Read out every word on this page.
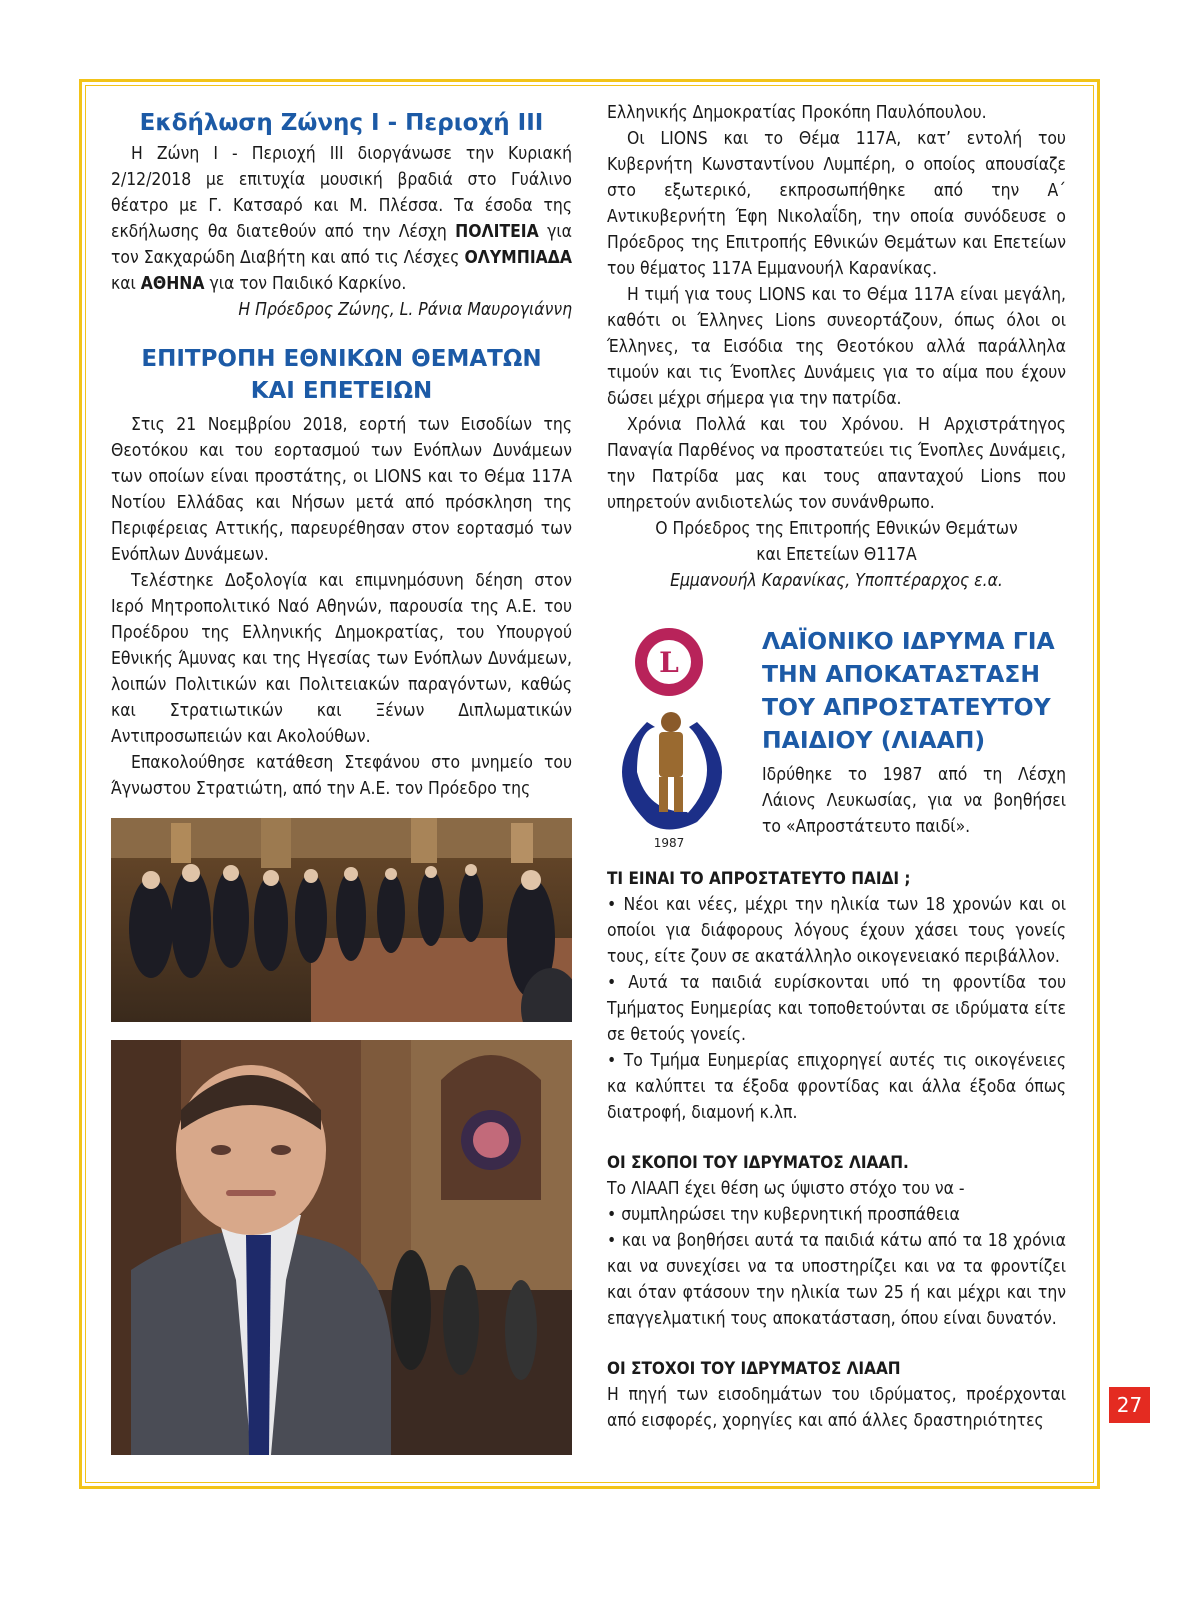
Εκδήλωση Ζώνης Ι - Περιοχή ΙΙΙ

Η Ζώνη Ι - Περιοχή ΙΙΙ διοργάνωσε την Κυριακή 2/12/2018 με επιτυχία μουσική βραδιά στο Γυάλινο θέατρο με Γ. Κατσαρό και Μ. Πλέσσα. Τα έσοδα της εκδήλωσης θα διατεθούν από την Λέσχη ΠΟΛΙΤΕΙΑ για τον Σακχαρώδη Διαβήτη και από τις Λέσχες ΟΛΥΜΠΙΑΔΑ και ΑΘΗΝΑ για τον Παιδικό Καρκίνο.

Η Πρόεδρος Ζώνης, L. Ράνια Μαυρογιάννη

ΕΠΙΤΡΟΠΗ ΕΘΝΙΚΩΝ ΘΕΜΑΤΩΝ
ΚΑΙ ΕΠΕΤΕΙΩΝ

Στις 21 Νοεμβρίου 2018, εορτή των Εισοδίων της Θεοτόκου και του εορτασμού των Ενόπλων Δυνάμεων των οποίων είναι προστάτης, οι LIONS και το Θέμα 117Α Νοτίου Ελλάδας και Νήσων μετά από πρόσκληση της Περιφέρειας Αττικής, παρευρέθησαν στον εορτασμό των Ενόπλων Δυνάμεων.

Τελέστηκε Δοξολογία και επιμνημόσυνη δέηση στον Ιερό Μητροπολιτικό Ναό Αθηνών, παρουσία της Α.Ε. του Προέδρου της Ελληνικής Δημοκρατίας, του Υπουργού Εθνικής Άμυνας και της Ηγεσίας των Ενόπλων Δυνάμεων, λοιπών Πολιτικών και Πολιτειακών παραγόντων, καθώς και Στρατιωτικών και Ξένων Διπλωματικών Αντιπροσωπειών και Ακολούθων.

Επακολούθησε κατάθεση Στεφάνου στο μνημείο του Άγνωστου Στρατιώτη, από την Α.Ε. τον Πρόεδρο της

Ελληνικής Δημοκρατίας Προκόπη Παυλόπουλου.

Οι LIONS και το Θέμα 117Α, κατ’ εντολή του Κυβερνήτη Κωνσταντίνου Λυμπέρη, ο οποίος απουσίαζε στο εξωτερικό, εκπροσωπήθηκε από την Α΄ Αντικυβερνήτη Έφη Νικολαΐδη, την οποία συνόδευσε ο Πρόεδρος της Επιτροπής Εθνικών Θεμάτων και Επετείων του θέματος 117Α Εμμανουήλ Καρανίκας.

Η τιμή για τους LIONS και το Θέμα 117Α είναι μεγάλη, καθότι οι Έλληνες Lions συνεορτάζουν, όπως όλοι οι Έλληνες, τα Εισόδια της Θεοτόκου αλλά παράλληλα τιμούν και τις Ένοπλες Δυνάμεις για το αίμα που έχουν δώσει μέχρι σήμερα για την πατρίδα.

Χρόνια Πολλά και του Χρόνου. Η Αρχιστράτηγος Παναγία Παρθένος να προστατεύει τις Ένοπλες Δυνάμεις, την Πατρίδα μας και τους απανταχού Lions που υπηρετούν ανιδιοτελώς τον συνάνθρωπο.

Ο Πρόεδρος της Επιτροπής Εθνικών Θεμάτων

και Επετείων Θ117Α

Εμμανουήλ Καρανίκας, Υποπτέραρχος ε.α.

L
1987
ΛΑΪΟΝΙΚΟ ΙΔΡΥΜΑ ΓΙΑ ΤΗΝ ΑΠΟΚΑΤΑΣΤΑΣΗ ΤΟΥ ΑΠΡΟΣΤΑΤΕΥΤΟΥ ΠΑΙΔΙΟΥ (ΛΙΑΑΠ)

Ιδρύθηκε το 1987 από τη Λέσχη Λάιονς Λευκωσίας, για να βοηθήσει το «Απροστάτευτο παιδί».

ΤΙ ΕΙΝΑΙ ΤΟ ΑΠΡΟΣΤΑΤΕΥΤΟ ΠΑΙΔΙ ;

• Νέοι και νέες, μέχρι την ηλικία των 18 χρονών και οι οποίοι για διάφορους λόγους έχουν χάσει τους γονείς τους, είτε ζουν σε ακατάλληλο οικογενειακό περιβάλλον.

• Αυτά τα παιδιά ευρίσκονται υπό τη φροντίδα του Τμήματος Ευημερίας και τοποθετούνται σε ιδρύματα είτε σε θετούς γονείς.

• Το Τμήμα Ευημερίας επιχορηγεί αυτές τις οικογένειες κα καλύπτει τα έξοδα φροντίδας και άλλα έξοδα όπως διατροφή, διαμονή κ.λπ.

ΟΙ ΣΚΟΠΟΙ ΤΟΥ ΙΔΡΥΜΑΤΟΣ ΛΙΑΑΠ.

Το ΛΙΑΑΠ έχει θέση ως ύψιστο στόχο του να -

• συμπληρώσει την κυβερνητική προσπάθεια

• και να βοηθήσει αυτά τα παιδιά κάτω από τα 18 χρόνια και να συνεχίσει να τα υποστηρίζει και να τα φροντίζει και όταν φτάσουν την ηλικία των 25 ή και μέχρι και την επαγγελματική τους αποκατάσταση, όπου είναι δυνατόν.

ΟΙ ΣΤΟΧΟΙ ΤΟΥ ΙΔΡΥΜΑΤΟΣ ΛΙΑΑΠ

Η πηγή των εισοδημάτων του ιδρύματος, προέρχονται από εισφορές, χορηγίες και από άλλες δραστηριότητες

27
